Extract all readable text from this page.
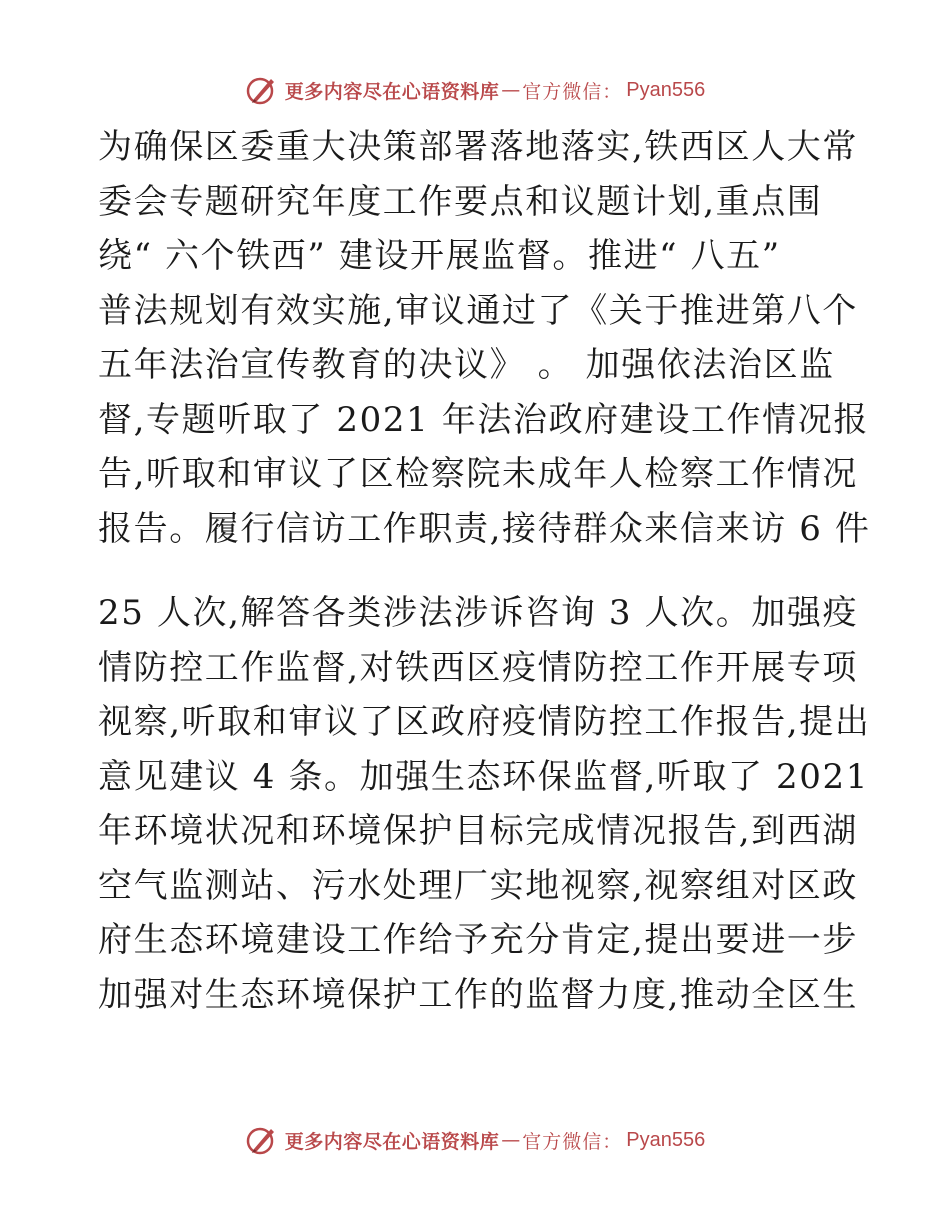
更多内容尽在心语资料库 — 官方微信： Pyan556
为确保区委重大决策部署落地落实,铁西区人大常
委会专题研究年度工作要点和议题计划,重点围
绕“ 六个铁西” 建设开展监督。推进“ 八五”
普法规划有效实施,审议通过了《关于推进第八个
五年法治宣传教育的决议》 。 加强依法治区监
督,专题听取了 2021 年法治政府建设工作情况报
告,听取和审议了区检察院未成年人检察工作情况
报告。履行信访工作职责,接待群众来信来访 6 件
25 人次,解答各类涉法涉诉咨询 3 人次。加强疫
情防控工作监督,对铁西区疫情防控工作开展专项
视察,听取和审议了区政府疫情防控工作报告,提出
意见建议 4 条。加强生态环保监督,听取了 2021
年环境状况和环境保护目标完成情况报告,到西湖
空气监测站、污水处理厂实地视察,视察组对区政
府生态环境建设工作给予充分肯定,提出要进一步
加强对生态环境保护工作的监督力度,推动全区生
更多内容尽在心语资料库 — 官方微信： Pyan556
